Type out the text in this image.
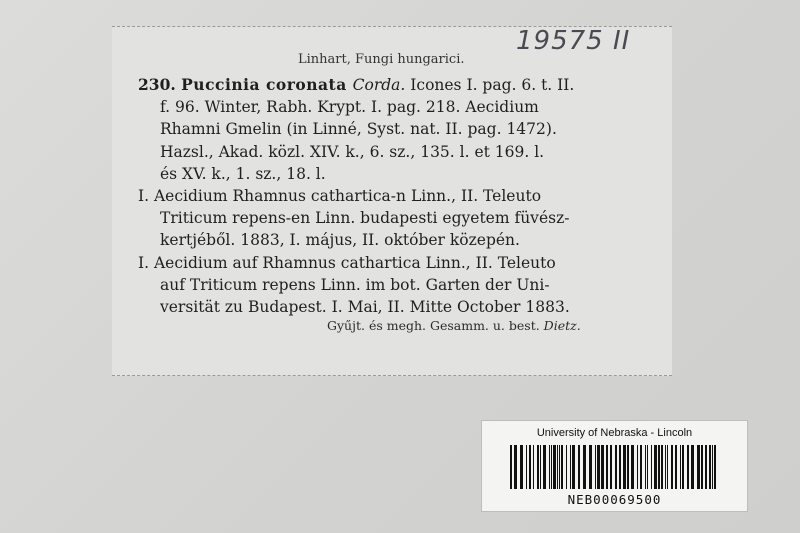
19575 II
Linhart, Fungi hungarici.
230. Puccinia coronata Corda. Icones I. pag. 6. t. II.
f. 96. Winter, Rabh. Krypt. I. pag. 218. Aecidium
Rhamni Gmelin (in Linné, Syst. nat. II. pag. 1472).
Hazsl., Akad. közl. XIV. k., 6. sz., 135. l. et 169. l.
és XV. k., 1. sz., 18. l.
I. Aecidium Rhamnus cathartica-n Linn., II. Teleuto
Triticum repens-en Linn. budapesti egyetem füvész-
kertjéből. 1883, I. május, II. október közepén.
I. Aecidium auf Rhamnus cathartica Linn., II. Teleuto
auf Triticum repens Linn. im bot. Garten der Uni-
versität zu Budapest. I. Mai, II. Mitte October 1883.
Gyűjt. és megh. Gesamm. u. best. Dietz.
University of Nebraska - Lincoln
NEB00069500
